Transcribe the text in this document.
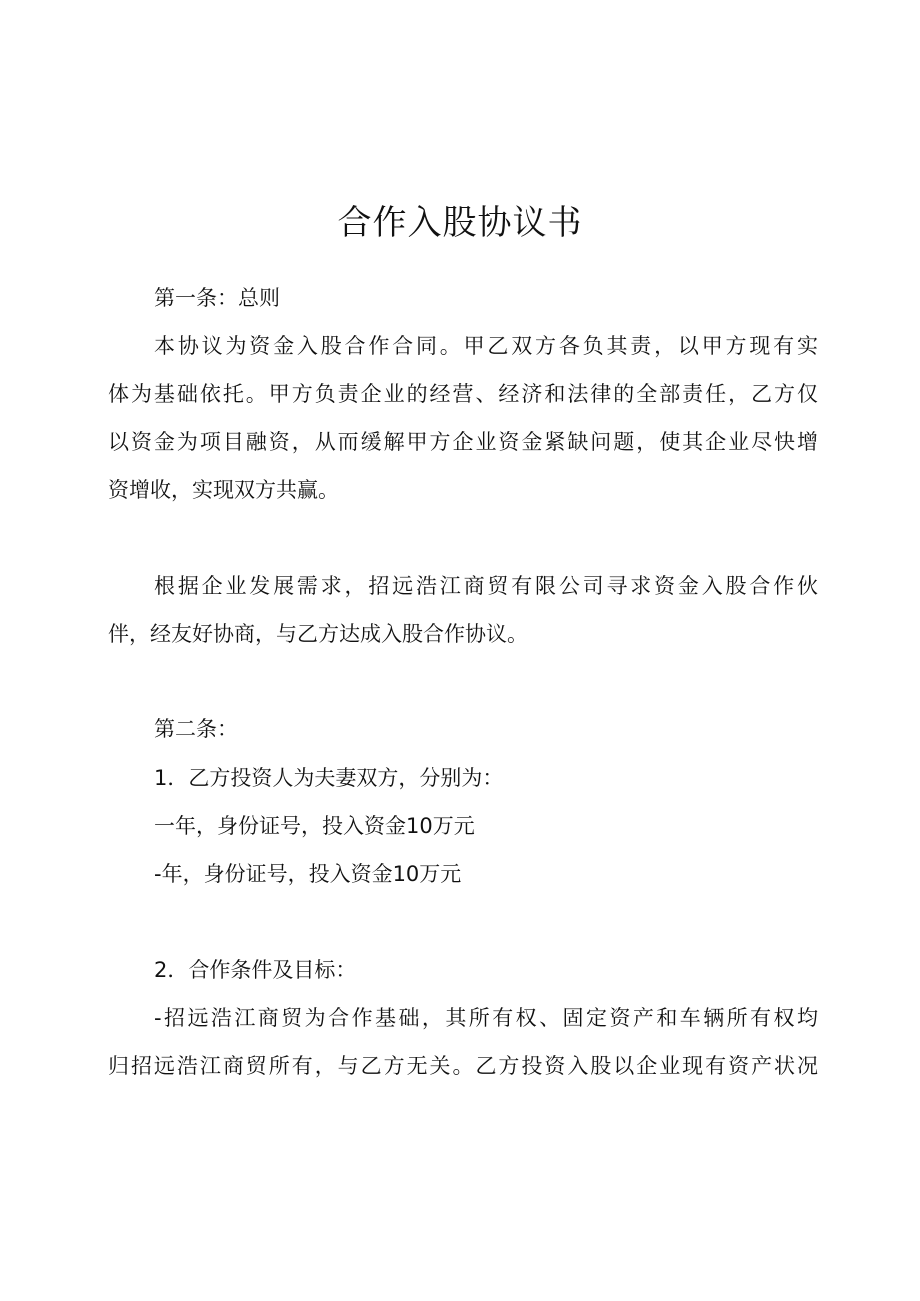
合作入股协议书
第一条：总则
本协议为资金入股合作合同。甲乙双方各负其责，以甲方现有实
体为基础依托。甲方负责企业的经营、经济和法律的全部责任，乙方仅
以资金为项目融资，从而缓解甲方企业资金紧缺问题，使其企业尽快增
资增收，实现双方共赢。
根据企业发展需求，招远浩江商贸有限公司寻求资金入股合作伙
伴，经友好协商，与乙方达成入股合作协议。
第二条：
1．乙方投资人为夫妻双方，分别为：
一年，身份证号，投入资金10万元
-年，身份证号，投入资金10万元
2．合作条件及目标：
-招远浩江商贸为合作基础，其所有权、固定资产和车辆所有权均
归招远浩江商贸所有，与乙方无关。乙方投资入股以企业现有资产状况
